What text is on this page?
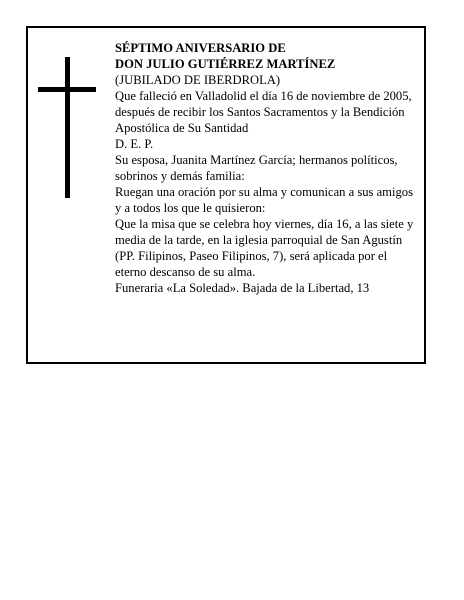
SÉPTIMO ANIVERSARIO DE

DON JULIO GUTIÉRREZ MARTÍNEZ

(JUBILADO DE IBERDROLA)

Que falleció en Valladolid el día 16 de noviembre de 2005, después de recibir los Santos Sacramentos y la Bendición Apostólica de Su Santidad

D. E. P.

Su esposa, Juanita Martínez García; hermanos políticos, sobrinos y demás familia:

Ruegan una oración por su alma y comunican a sus amigos y a todos los que le quisieron:

Que la misa que se celebra hoy viernes, día 16, a las siete y media de la tarde, en la iglesia parroquial de San Agustín (PP. Filipinos, Paseo Filipinos, 7), será aplicada por el eterno descanso de su alma.

Funeraria «La Soledad». Bajada de la Libertad, 13
